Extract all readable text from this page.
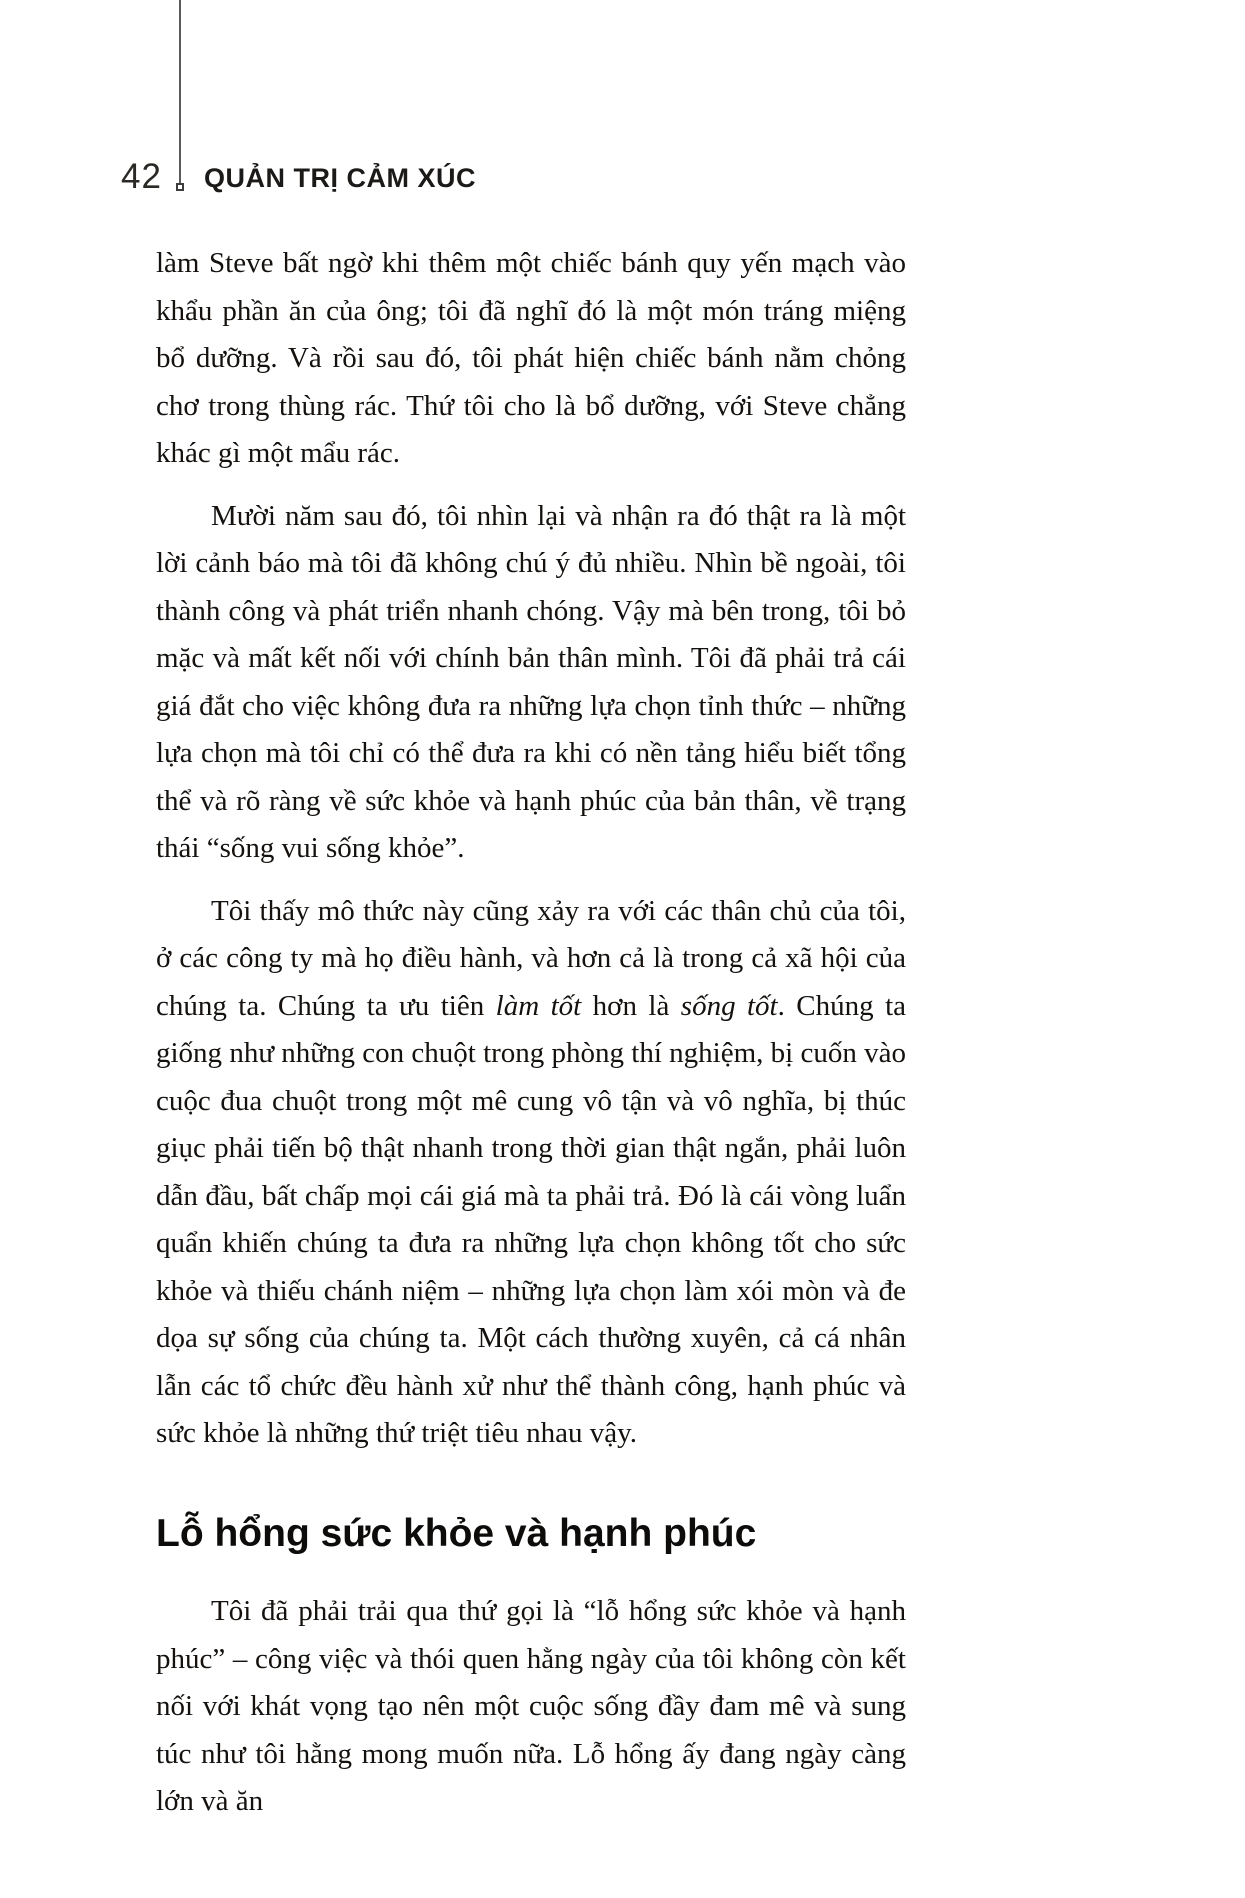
42 QUẢN TRỊ CẢM XÚC

làm Steve bất ngờ khi thêm một chiếc bánh quy yến mạch vào khẩu phần ăn của ông; tôi đã nghĩ đó là một món tráng miệng bổ dưỡng. Và rồi sau đó, tôi phát hiện chiếc bánh nằm chỏng chơ trong thùng rác. Thứ tôi cho là bổ dưỡng, với Steve chẳng khác gì một mẩu rác.

Mười năm sau đó, tôi nhìn lại và nhận ra đó thật ra là một lời cảnh báo mà tôi đã không chú ý đủ nhiều. Nhìn bề ngoài, tôi thành công và phát triển nhanh chóng. Vậy mà bên trong, tôi bỏ mặc và mất kết nối với chính bản thân mình. Tôi đã phải trả cái giá đắt cho việc không đưa ra những lựa chọn tỉnh thức – những lựa chọn mà tôi chỉ có thể đưa ra khi có nền tảng hiểu biết tổng thể và rõ ràng về sức khỏe và hạnh phúc của bản thân, về trạng thái “sống vui sống khỏe”.

Tôi thấy mô thức này cũng xảy ra với các thân chủ của tôi, ở các công ty mà họ điều hành, và hơn cả là trong cả xã hội của chúng ta. Chúng ta ưu tiên làm tốt hơn là sống tốt. Chúng ta giống như những con chuột trong phòng thí nghiệm, bị cuốn vào cuộc đua chuột trong một mê cung vô tận và vô nghĩa, bị thúc giục phải tiến bộ thật nhanh trong thời gian thật ngắn, phải luôn dẫn đầu, bất chấp mọi cái giá mà ta phải trả. Đó là cái vòng luẩn quẩn khiến chúng ta đưa ra những lựa chọn không tốt cho sức khỏe và thiếu chánh niệm – những lựa chọn làm xói mòn và đe dọa sự sống của chúng ta. Một cách thường xuyên, cả cá nhân lẫn các tổ chức đều hành xử như thể thành công, hạnh phúc và sức khỏe là những thứ triệt tiêu nhau vậy.

Lỗ hổng sức khỏe và hạnh phúc

Tôi đã phải trải qua thứ gọi là “lỗ hổng sức khỏe và hạnh phúc” – công việc và thói quen hằng ngày của tôi không còn kết nối với khát vọng tạo nên một cuộc sống đầy đam mê và sung túc như tôi hằng mong muốn nữa. Lỗ hổng ấy đang ngày càng lớn và ăn
